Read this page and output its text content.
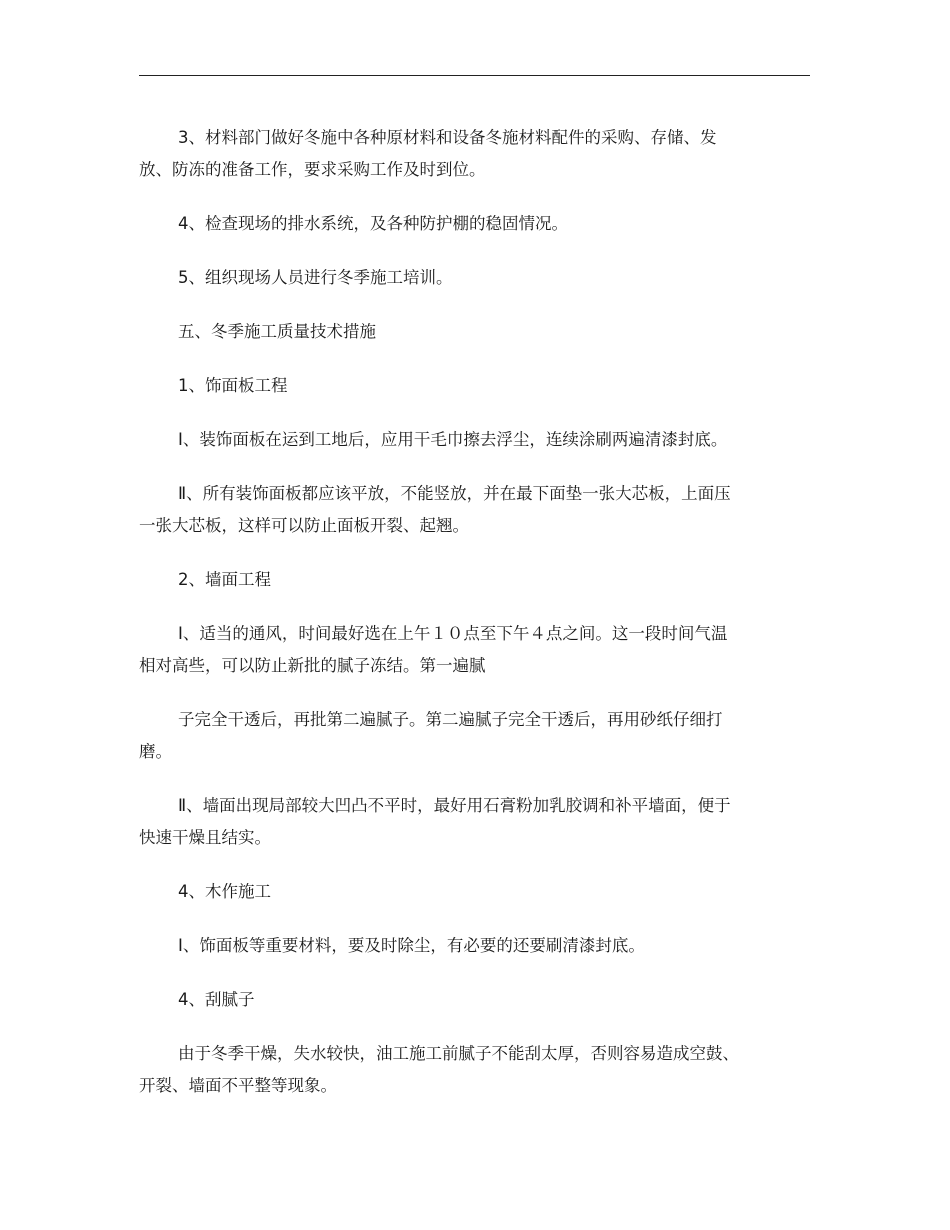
3、材料部门做好冬施中各种原材料和设备冬施材料配件的采购、存储、发
放、防冻的准备工作，要求采购工作及时到位。

4、检查现场的排水系统，及各种防护棚的稳固情况。

5、组织现场人员进行冬季施工培训。

五、冬季施工质量技术措施

1、饰面板工程

Ⅰ、装饰面板在运到工地后，应用干毛巾擦去浮尘，连续涂刷两遍清漆封底。

Ⅱ、所有装饰面板都应该平放，不能竖放，并在最下面垫一张大芯板，上面压
一张大芯板，这样可以防止面板开裂、起翘。

2、墙面工程

Ⅰ、适当的通风，时间最好选在上午１０点至下午４点之间。这一段时间气温
相对高些，可以防止新批的腻子冻结。第一遍腻

子完全干透后，再批第二遍腻子。第二遍腻子完全干透后，再用砂纸仔细打
磨。

Ⅱ、墙面出现局部较大凹凸不平时，最好用石膏粉加乳胶调和补平墙面，便于
快速干燥且结实。

4、木作施工

Ⅰ、饰面板等重要材料，要及时除尘，有必要的还要刷清漆封底。

4、刮腻子

由于冬季干燥，失水较快，油工施工前腻子不能刮太厚，否则容易造成空鼓、
开裂、墙面不平整等现象。
